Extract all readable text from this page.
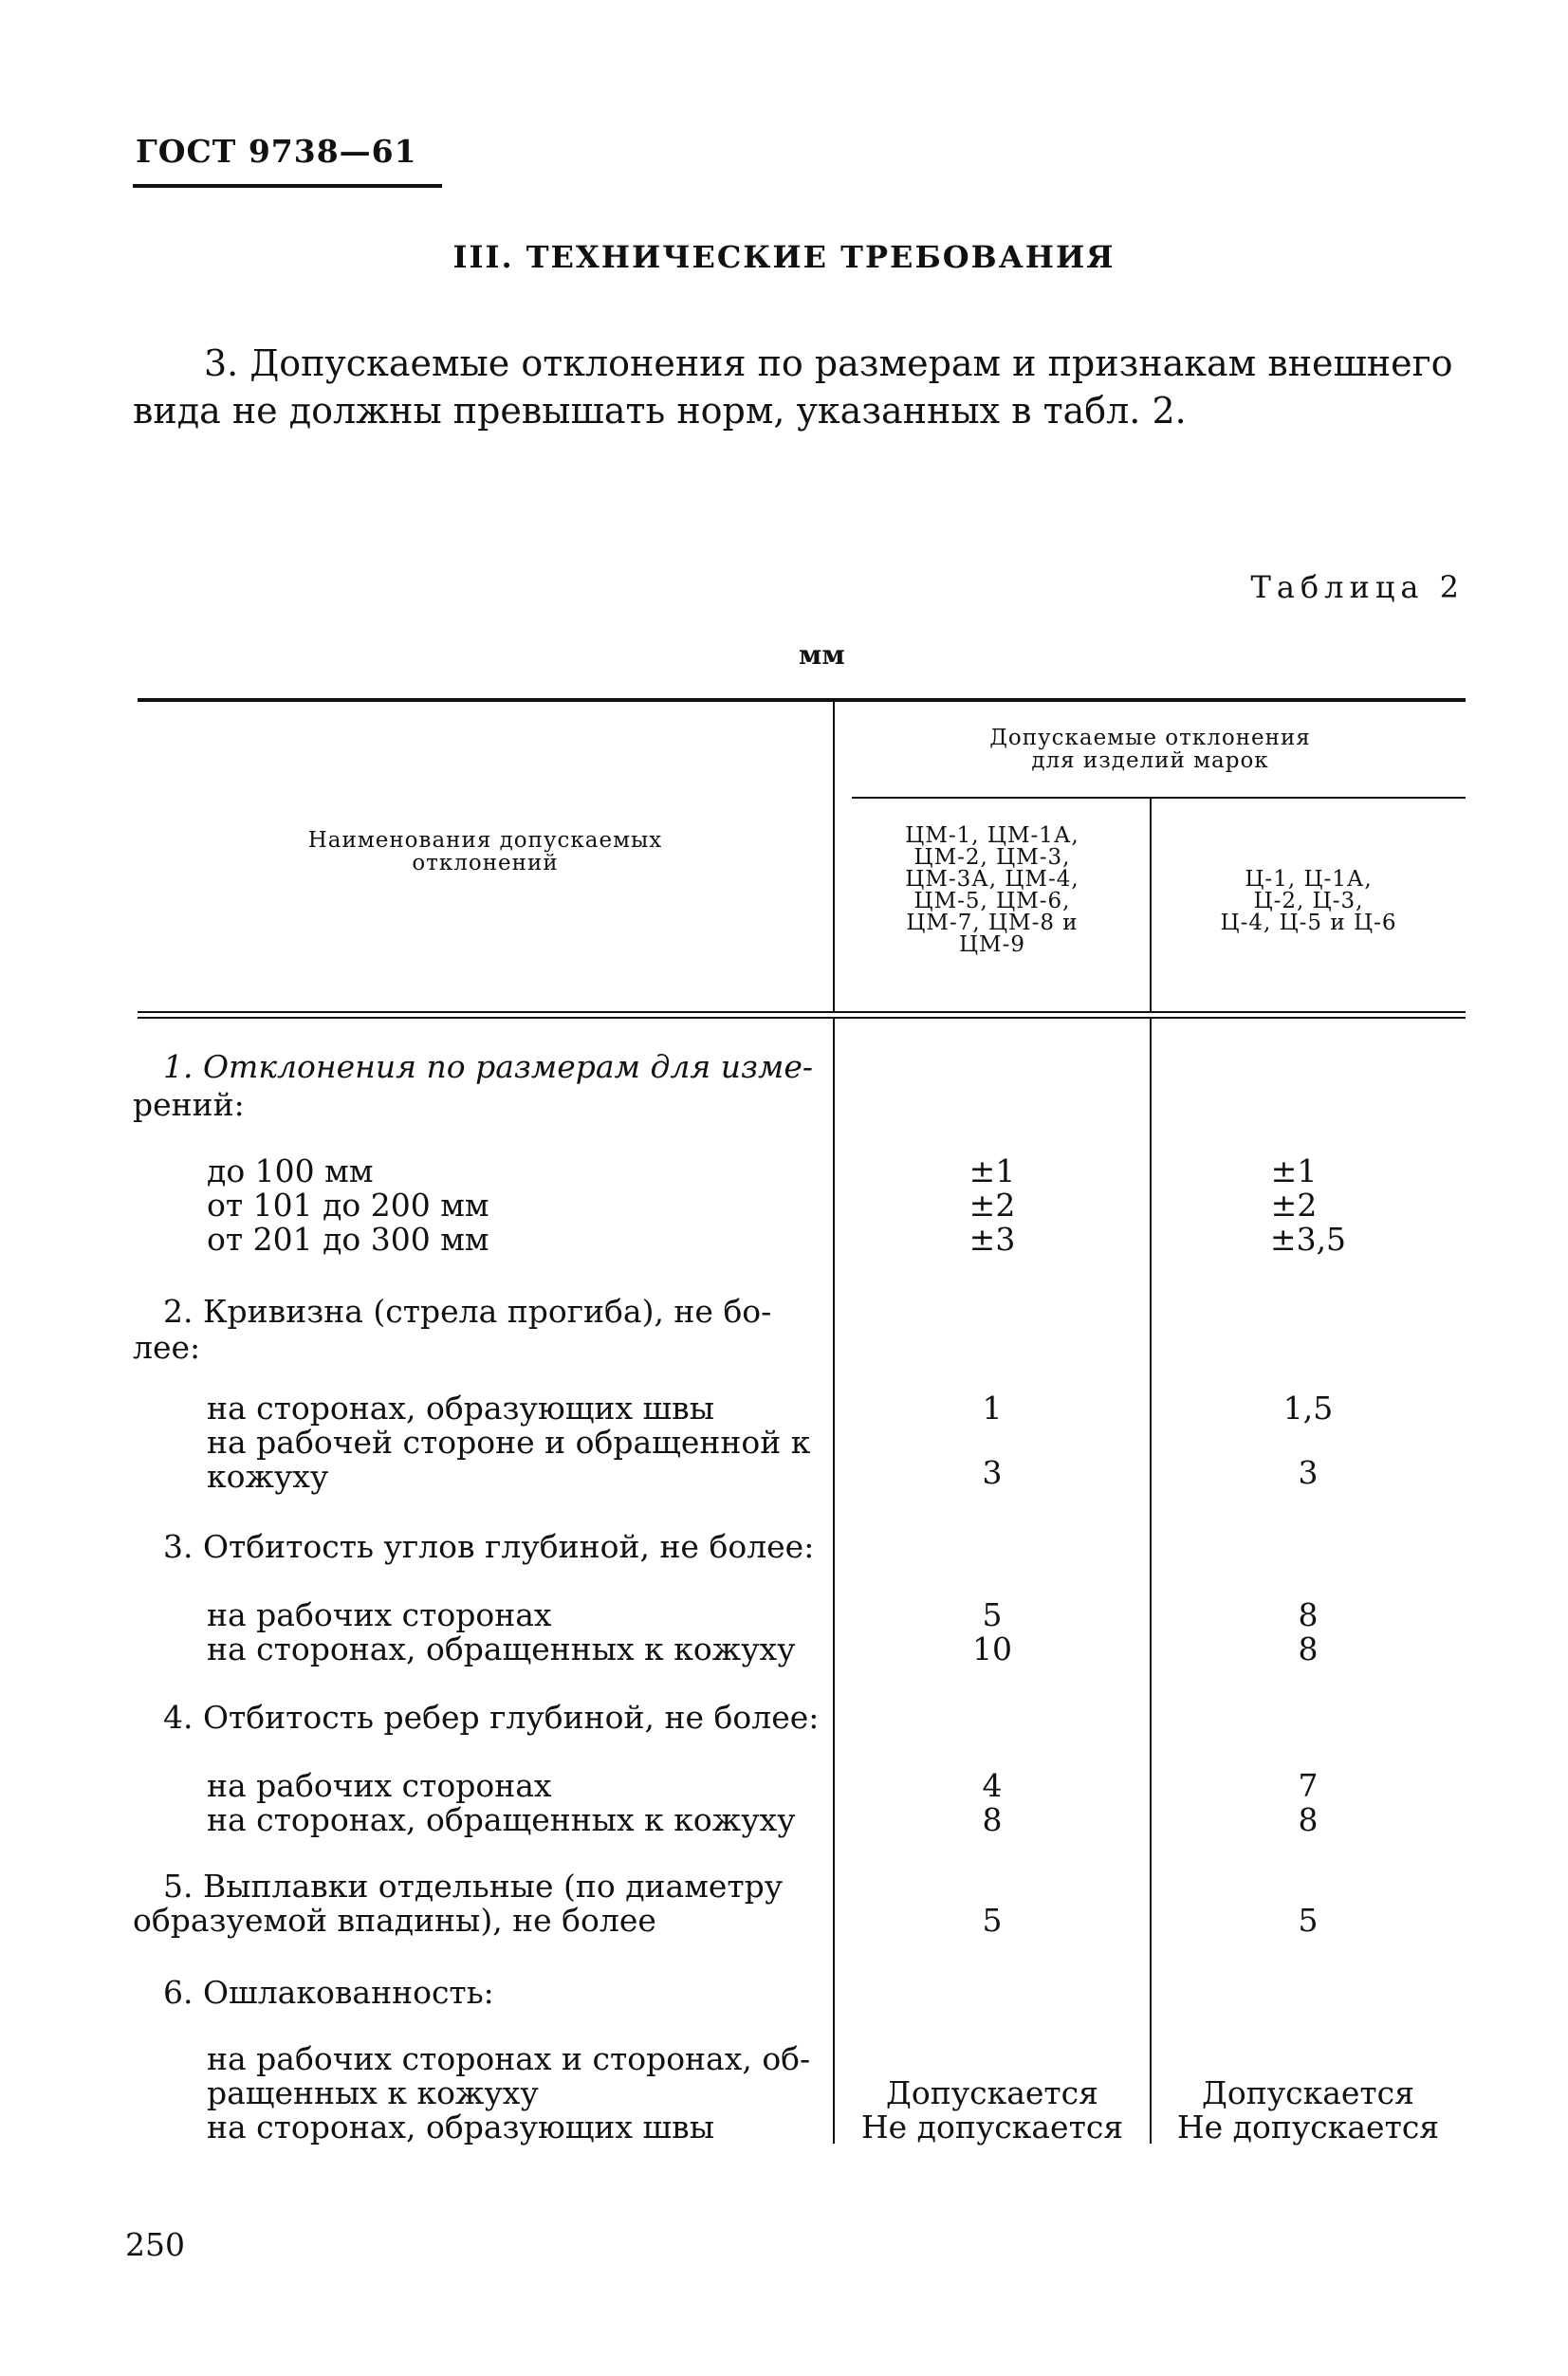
ГОСТ 9738—61
III. ТЕХНИЧЕСКИЕ ТРЕБОВАНИЯ
3. Допускаемые отклонения по размерам и признакам внешнего
вида не должны превышать норм, указанных в табл. 2.
Таблица 2
мм
Наименования допускаемых
отклонений
Допускаемые отклонения
для изделий марок
ЦМ-1, ЦМ-1А,
ЦМ-2, ЦМ-3,
ЦМ-3А, ЦМ-4,
ЦМ-5, ЦМ-6,
ЦМ-7, ЦМ-8 и
ЦМ-9
Ц-1, Ц-1А,
Ц-2, Ц-3,
Ц-4, Ц-5 и Ц-6
1. Отклонения по размерам для изме-
рений:
до 100 мм
от 101 до 200 мм
от 201 до 300 мм
±1
±2
±3
±1
±2
±3,5
2. Кривизна (стрела прогиба), не бо-
лее:
на сторонах, образующих швы
на рабочей стороне и обращенной к
кожуху
1
3
1,5
3
3. Отбитость углов глубиной, не более:
на рабочих сторонах
на сторонах, обращенных к кожуху
5
10
8
8
4. Отбитость ребер глубиной, не более:
на рабочих сторонах
на сторонах, обращенных к кожуху
4
8
7
8
5. Выплавки отдельные (по диаметру
образуемой впадины), не более	5	5
6. Ошлакованность:
на рабочих сторонах и сторонах, об-
ращенных к кожуху
на сторонах, образующих швы
Допускается
Не допускается
Допускается
Не допускается
250
